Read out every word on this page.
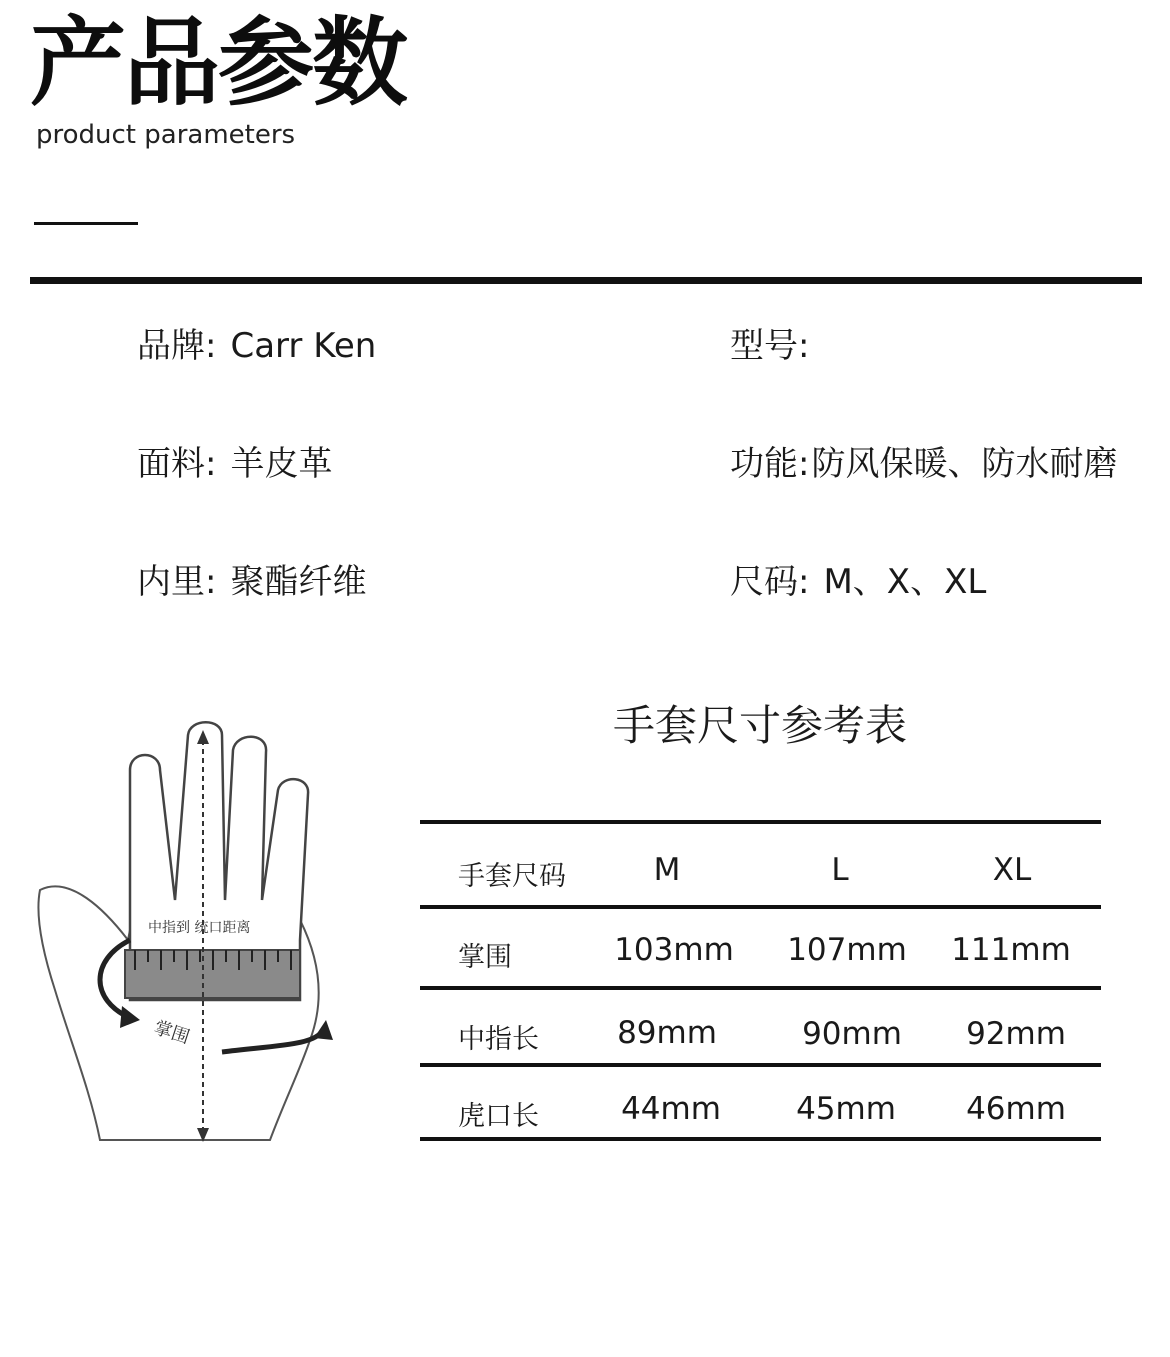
产品参数
product parameters
品牌: Carr Ken	型号:
面料: 羊皮革	功能:防风保暖、防水耐磨
内里: 聚酯纤维	尺码: M、X、XL
中指到 统口距离
掌围
手套尺寸参考表
手套尺码	M	L	XL
掌围	103mm	107mm	111mm
中指长	89mm	90mm	92mm
虎口长	44mm	45mm	46mm
